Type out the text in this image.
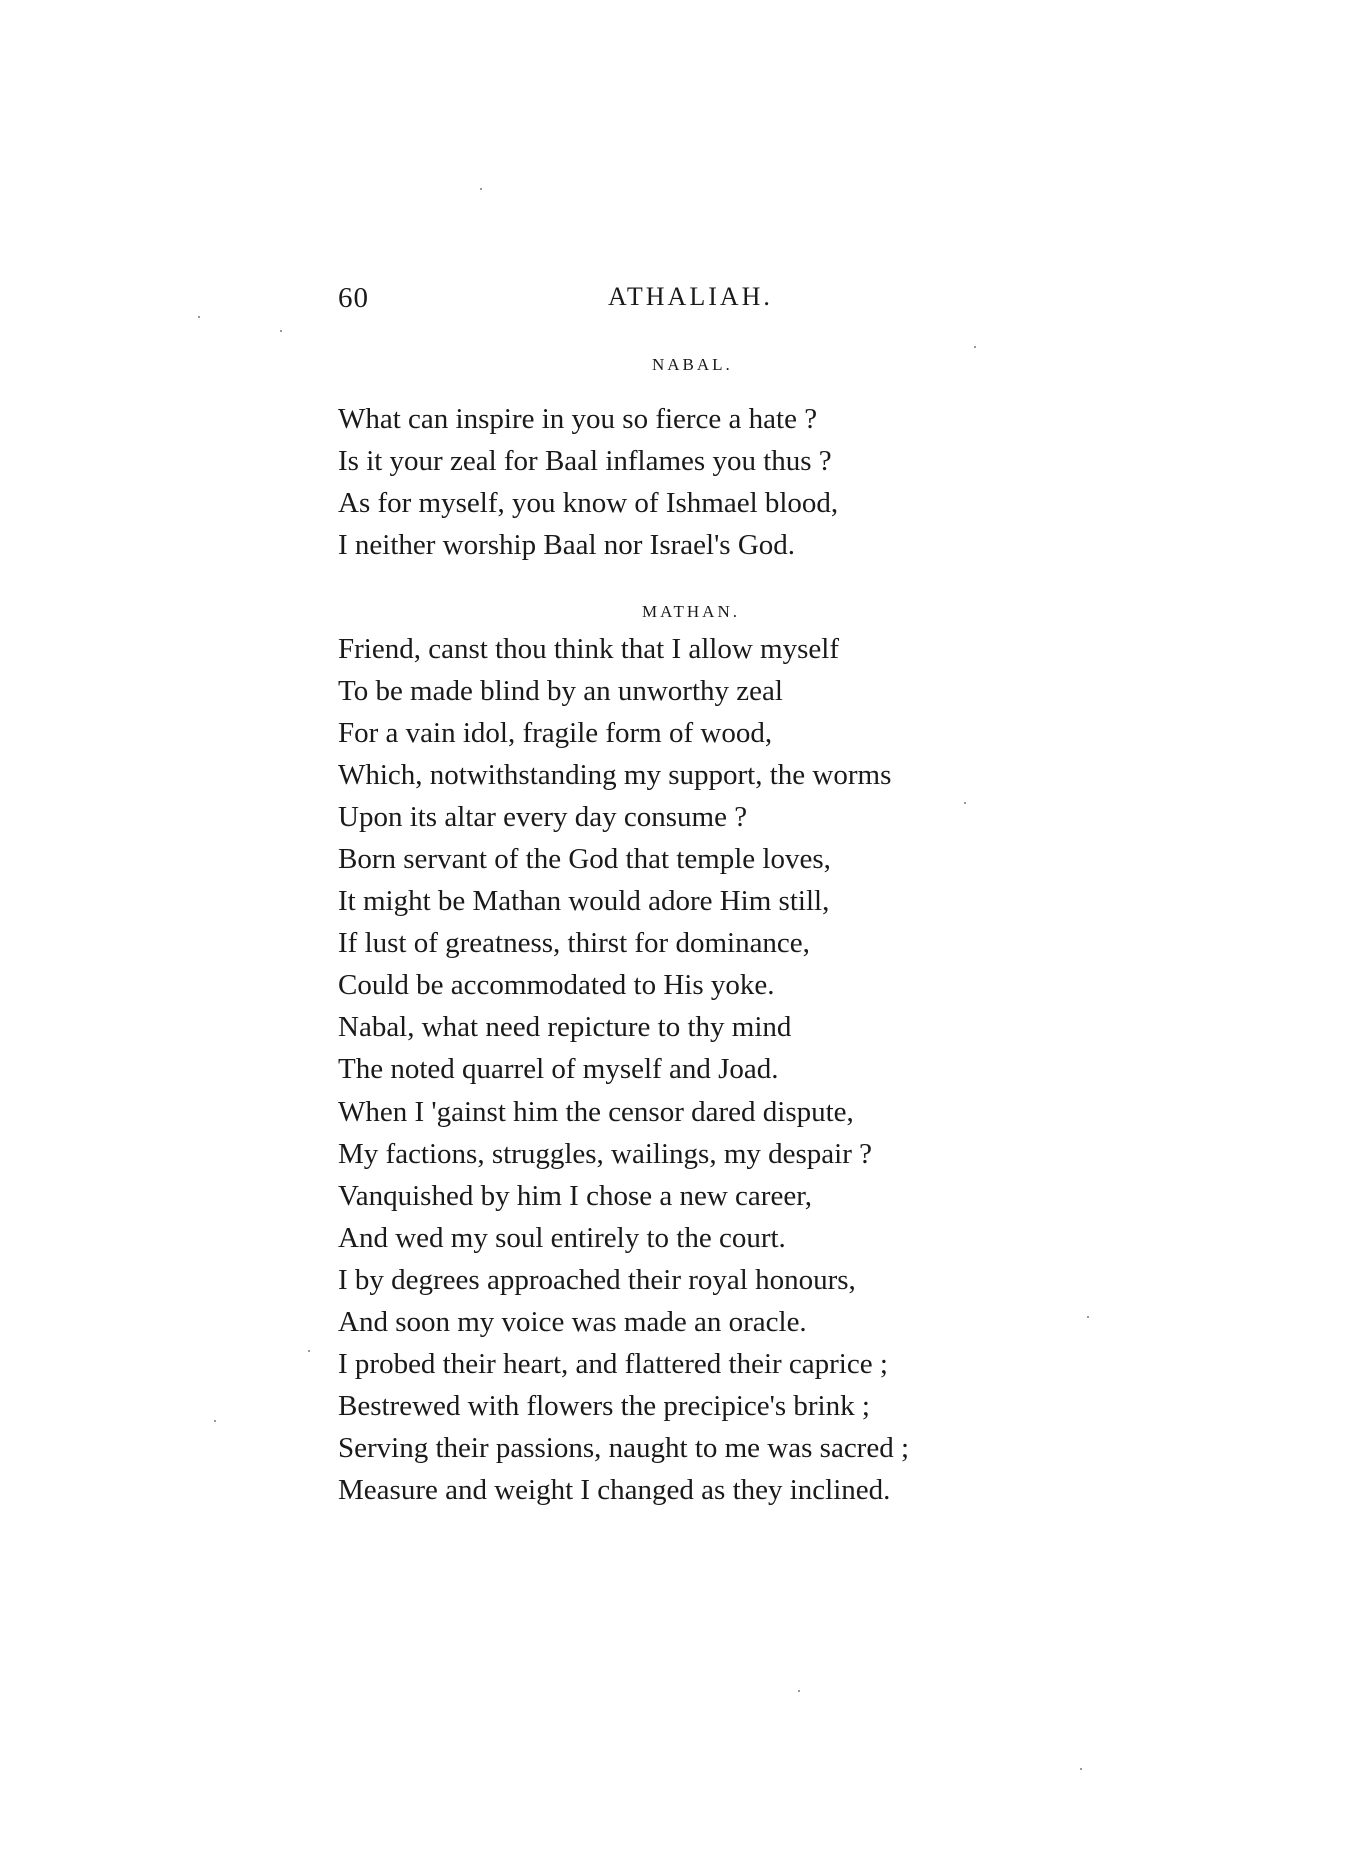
60	ATHALIAH.
NABAL.
What can inspire in you so fierce a hate ?
Is it your zeal for Baal inflames you thus ?
As for myself, you know of Ishmael blood,
I neither worship Baal nor Israel's God.
MATHAN.
Friend, canst thou think that I allow myself
To be made blind by an unworthy zeal
For a vain idol, fragile form of wood,
Which, notwithstanding my support, the worms
Upon its altar every day consume ?
Born servant of the God that temple loves,
It might be Mathan would adore Him still,
If lust of greatness, thirst for dominance,
Could be accommodated to His yoke.
Nabal, what need repicture to thy mind
The noted quarrel of myself and Joad.
When I 'gainst him the censor dared dispute,
My factions, struggles, wailings, my despair ?
Vanquished by him I chose a new career,
And wed my soul entirely to the court.
I by degrees approached their royal honours,
And soon my voice was made an oracle.
I probed their heart, and flattered their caprice ;
Bestrewed with flowers the precipice's brink ;
Serving their passions, naught to me was sacred ;
Measure and weight I changed as they inclined.
